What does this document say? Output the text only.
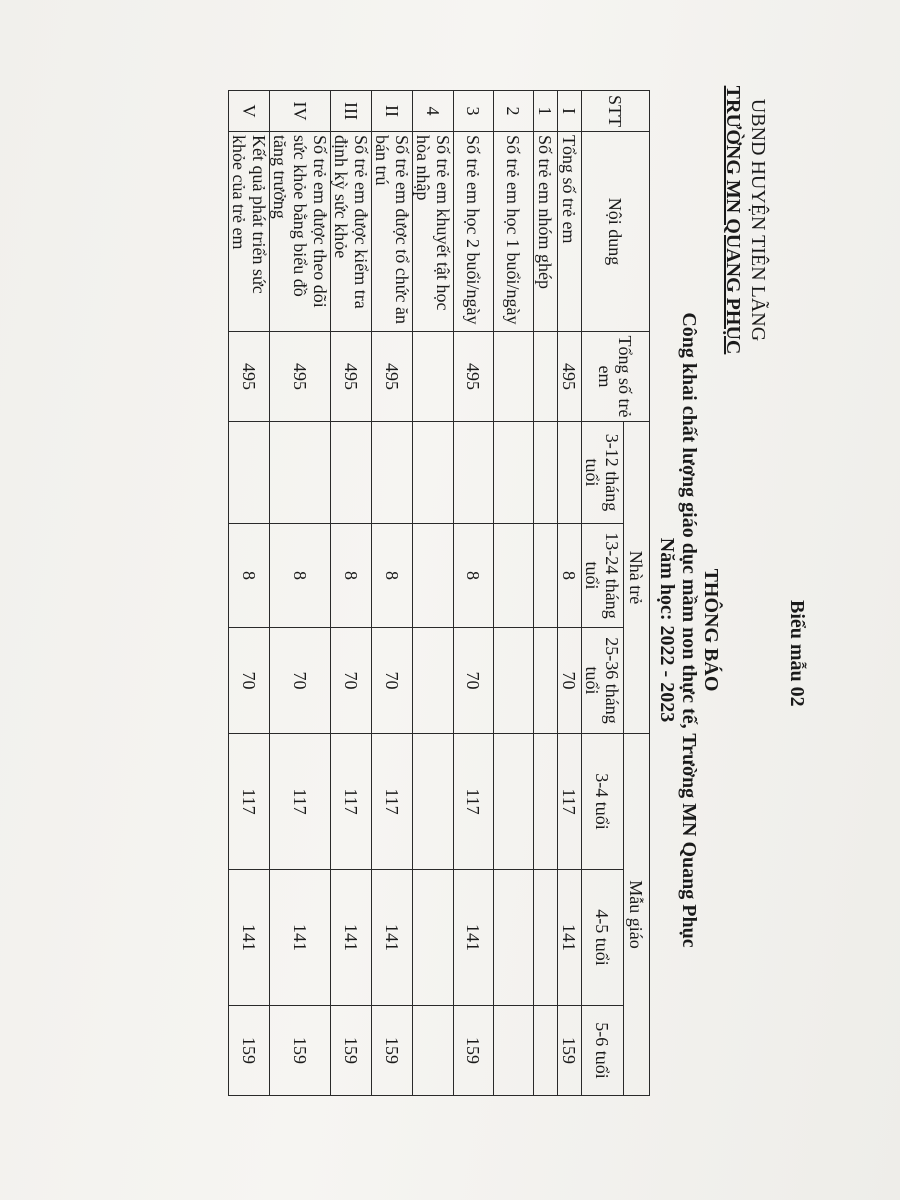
Biểu mẫu 02
UBND HUYỆN TIÊN LÃNG
TRƯỜNG MN QUANG PHỤC
THÔNG BÁO
Công khai chất lượng giáo dục mầm non thực tế, Trường MN Quang Phục
Năm học: 2022 - 2023
STT	Nội dung	Tổng số trẻ em	Nhà trẻ			Mẫu giáo		
			3-12 tháng tuổi	13-24 tháng tuổi	25-36 tháng tuổi	3-4 tuổi	4-5 tuổi	5-6 tuổi
I	Tổng số trẻ em	495		8	70	117	141	159
1	Số trẻ em nhóm ghép							
2	Số trẻ em học 1 buổi/ngày							
3	Số trẻ em học 2 buổi/ngày	495		8	70	117	141	159
4	Số trẻ em khuyết tật học hòa nhập							
II	Số trẻ em được tổ chức ăn bán trú	495		8	70	117	141	159
III	Số trẻ em được kiểm tra định kỳ sức khỏe	495		8	70	117	141	159
IV	Số trẻ em được theo dõi sức khỏe bằng biểu đồ tăng trưởng	495		8	70	117	141	159
V	Kết quả phát triển sức khỏe của trẻ em	495		8	70	117	141	159
